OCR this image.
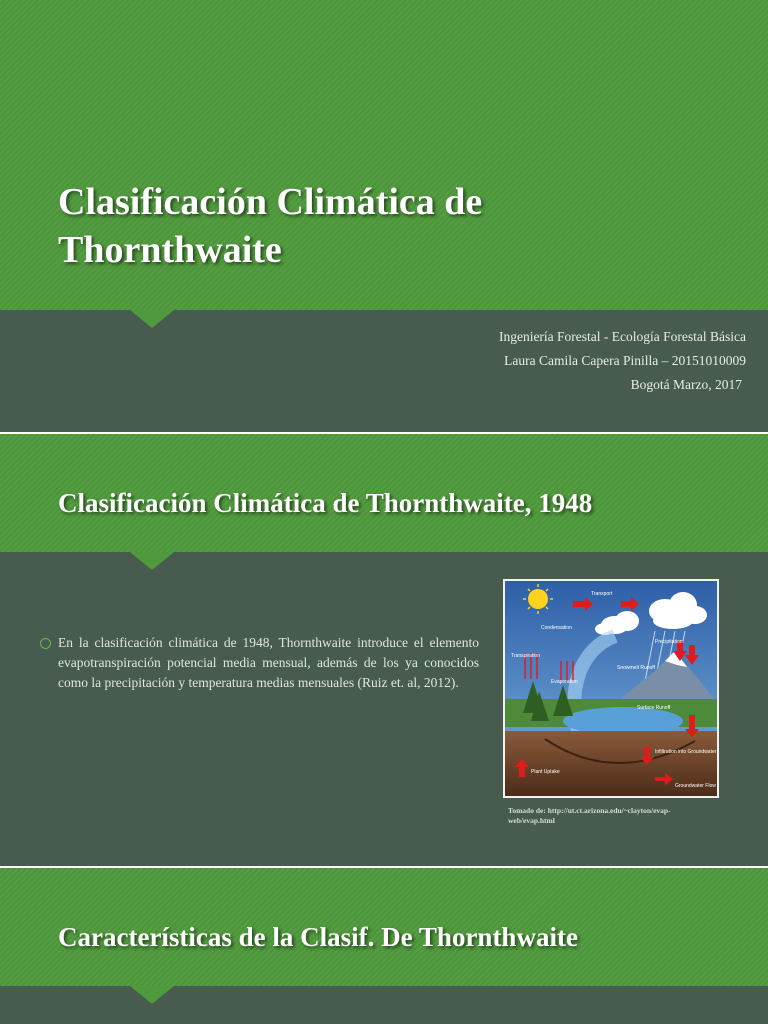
Clasificación Climática de
Thornthwaite
Ingeniería Forestal - Ecología Forestal Básica
Laura Camila Capera Pinilla – 20151010009
Bogotá Marzo, 2017
Clasificación Climática de Thornthwaite, 1948
En la clasificación climática de 1948, Thornthwaite introduce el elemento evapotranspiración potencial media mensual, además de los ya conocidos como la precipitación y temperatura medias mensuales (Ruiz et. al, 2012).
Transport
Condensation
Precipitation
Transpiration
Snowmelt Runoff
Evaporation
Surface Runoff
Infiltration into Groundwater
Plant Uptake
Groundwater Flow
Tomado de: http://ut.ct.arizona.edu/~clayton/evap-
web/evap.html
Características de la Clasif. De Thornthwaite
